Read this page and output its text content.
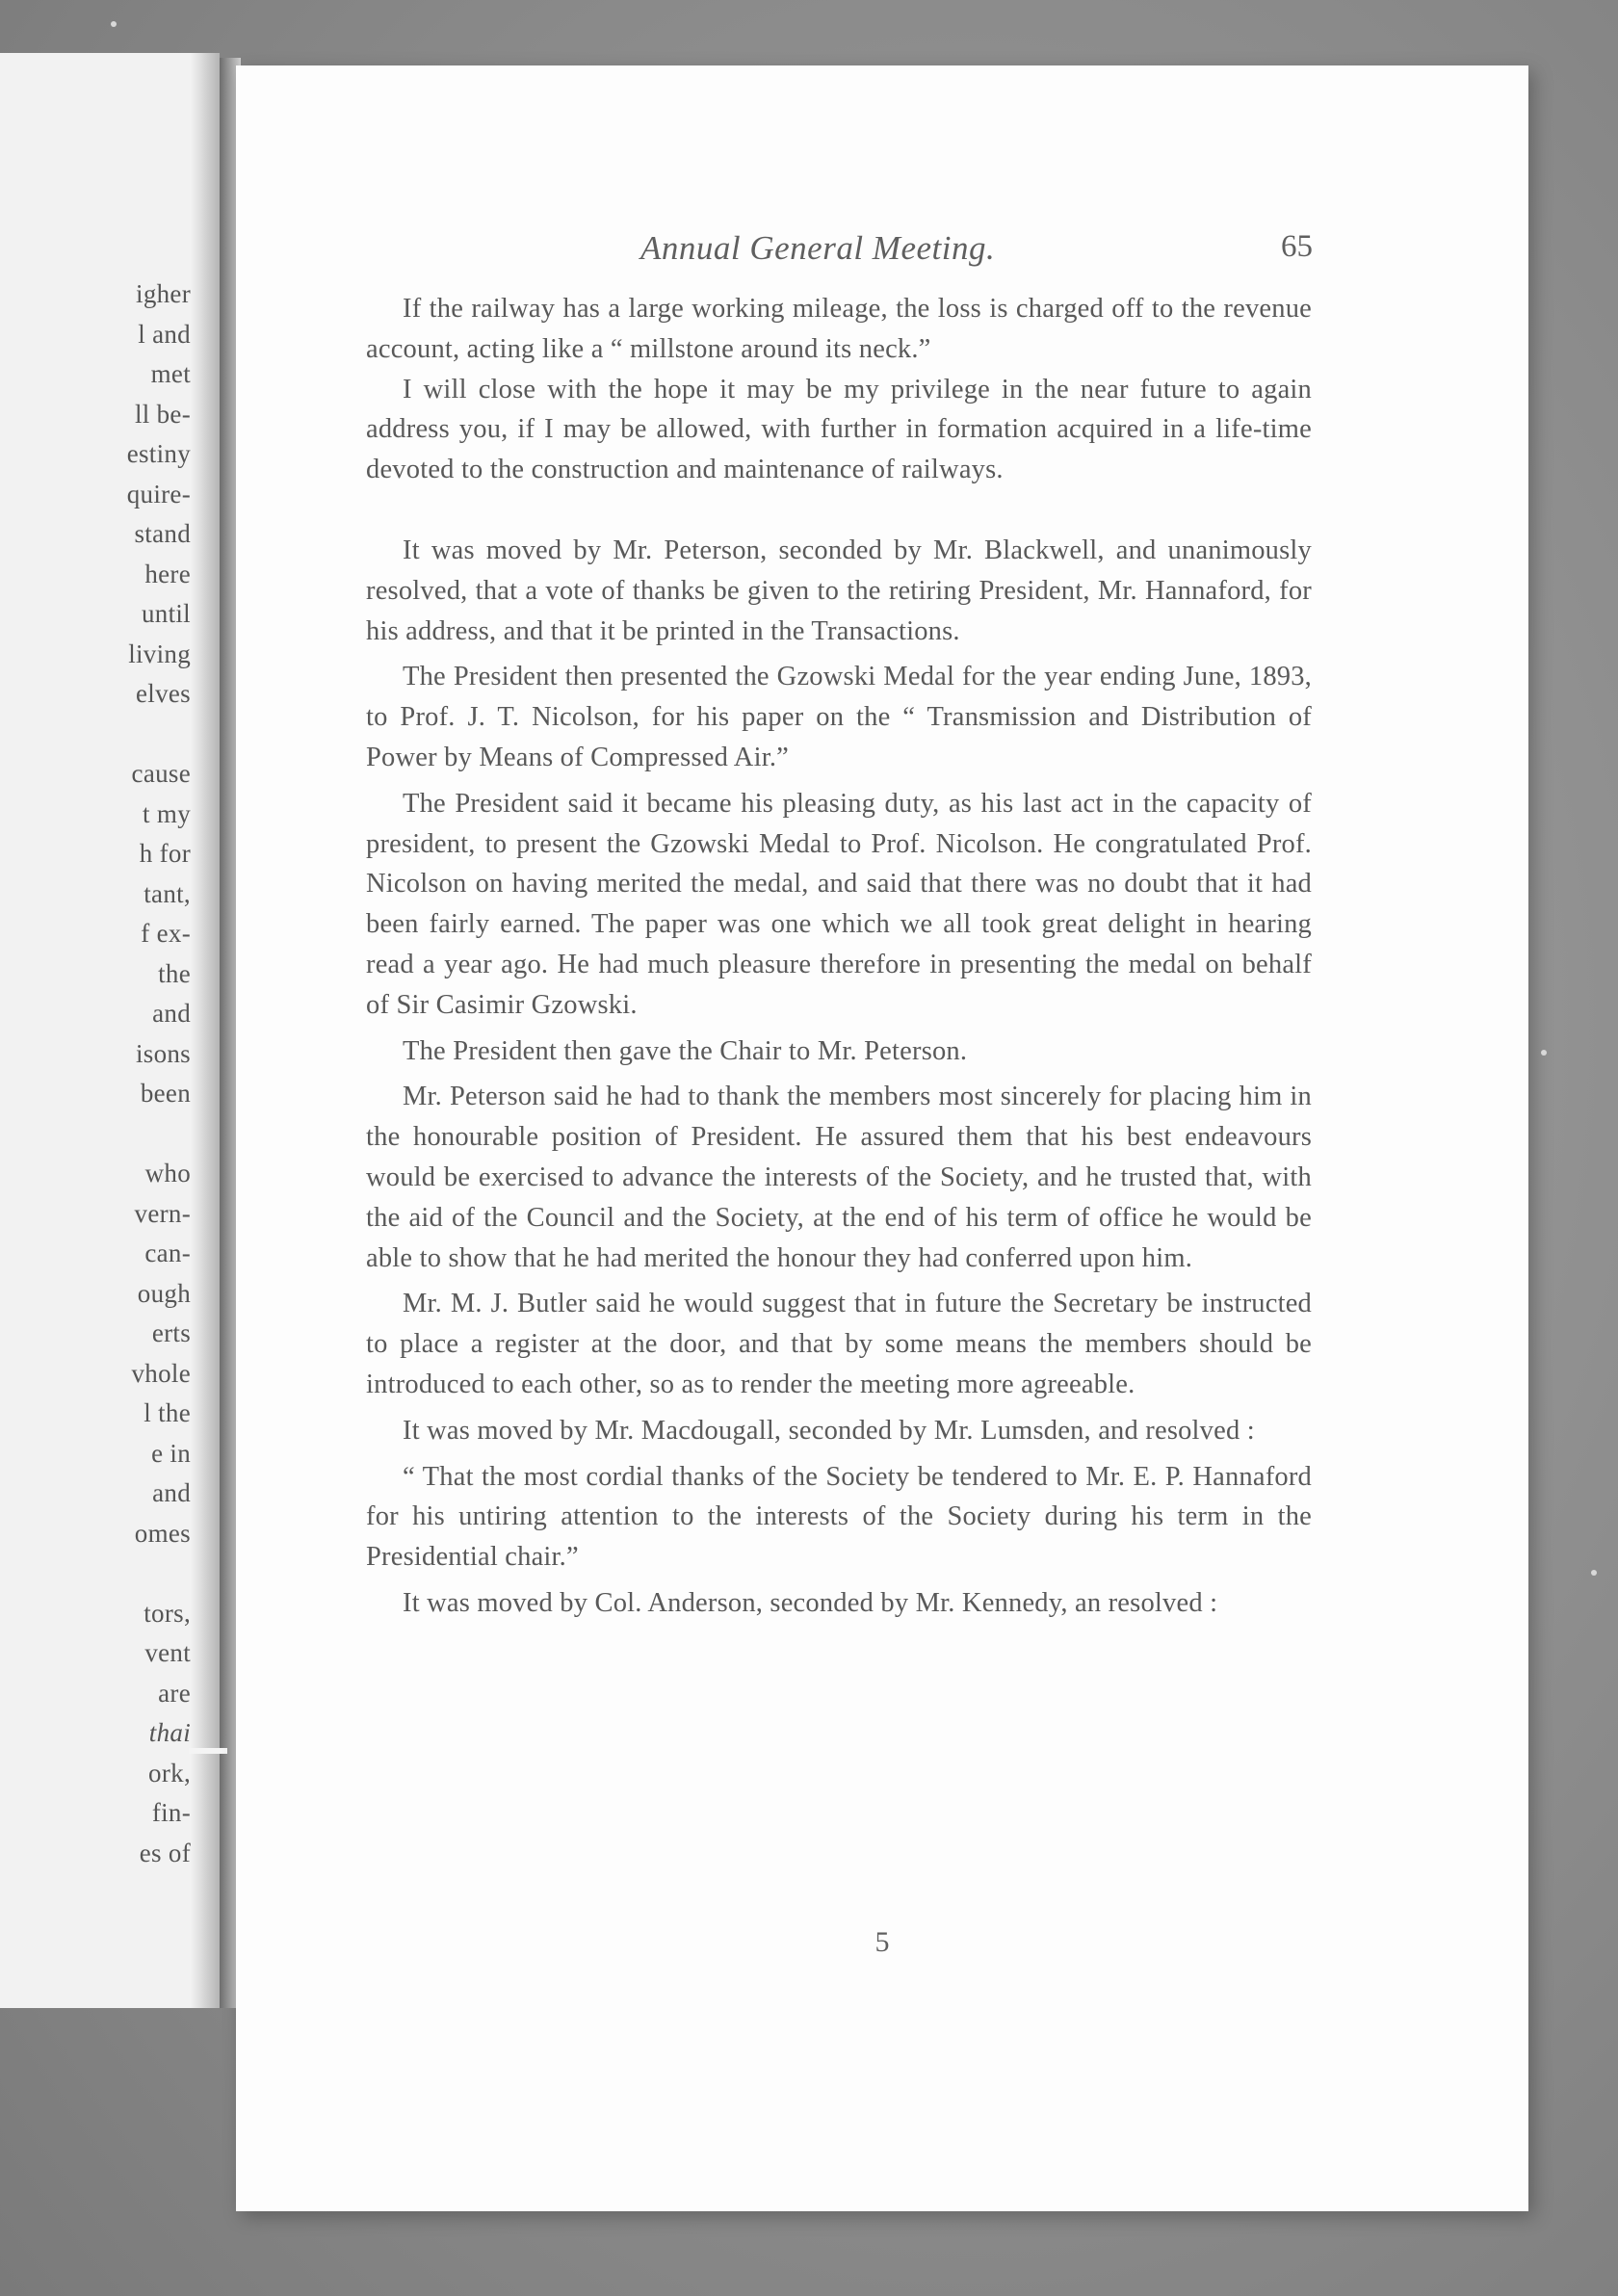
igher
l and
met
ll be-
estiny
quire-
stand
here
until
living
elves
cause
t my
h for
tant,
f ex-
the
and
isons
been
who
vern-
can-
ough
erts
vhole
l the
e in
and
omes
tors,
vent
are
thai
ork,
fin-
es of
Annual General Meeting.	65

If the railway has a large working mileage, the loss is charged off to the revenue account, acting like a “ millstone around its neck.”

I will close with the hope it may be my privilege in the near future to again address you, if I may be allowed, with further in formation acquired in a life-time devoted to the construction and maintenance of railways.

It was moved by Mr. Peterson, seconded by Mr. Blackwell, and unanimously resolved, that a vote of thanks be given to the retiring President, Mr. Hannaford, for his address, and that it be printed in the Transactions.

The President then presented the Gzowski Medal for the year ending June, 1893, to Prof. J. T. Nicolson, for his paper on the “ Transmission and Distribution of Power by Means of Compressed Air.”

The President said it became his pleasing duty, as his last act in the capacity of president, to present the Gzowski Medal to Prof. Nicolson. He congratulated Prof. Nicolson on having merited the medal, and said that there was no doubt that it had been fairly earned. The paper was one which we all took great delight in hearing read a year ago. He had much pleasure therefore in presenting the medal on behalf of Sir Casimir Gzowski.

The President then gave the Chair to Mr. Peterson.

Mr. Peterson said he had to thank the members most sincerely for placing him in the honourable position of President. He assured them that his best endeavours would be exercised to advance the interests of the Society, and he trusted that, with the aid of the Council and the Society, at the end of his term of office he would be able to show that he had merited the honour they had conferred upon him.

Mr. M. J. Butler said he would suggest that in future the Secretary be instructed to place a register at the door, and that by some means the members should be introduced to each other, so as to render the meeting more agreeable.

It was moved by Mr. Macdougall, seconded by Mr. Lumsden, and resolved :

“ That the most cordial thanks of the Society be tendered to Mr. E. P. Hannaford for his untiring attention to the interests of the Society during his term in the Presidential chair.”

It was moved by Col. Anderson, seconded by Mr. Kennedy, an resolved :

5
